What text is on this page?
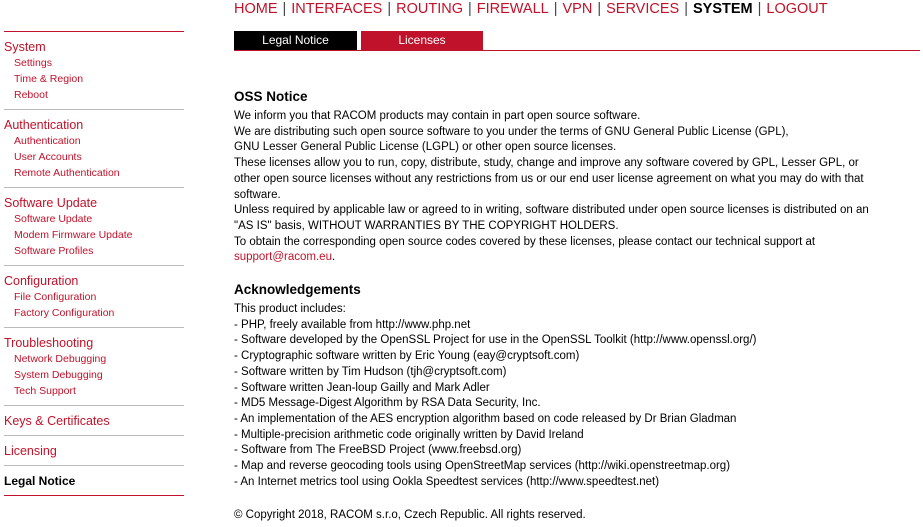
HOME | INTERFACES | ROUTING | FIREWALL | VPN | SERVICES | SYSTEM | LOGOUT
System
Settings
Time & Region
Reboot
Authentication
Authentication
User Accounts
Remote Authentication
Software Update
Software Update
Modem Firmware Update
Software Profiles
Configuration
File Configuration
Factory Configuration
Troubleshooting
Network Debugging
System Debugging
Tech Support
Keys & Certificates
Licensing
Legal Notice
Legal Notice	Licenses
OSS Notice
We inform you that RACOM products may contain in part open source software.
We are distributing such open source software to you under the terms of GNU General Public License (GPL),
GNU Lesser General Public License (LGPL) or other open source licenses.
These licenses allow you to run, copy, distribute, study, change and improve any software covered by GPL, Lesser GPL, or
other open source licenses without any restrictions from us or our end user license agreement on what you may do with that
software.
Unless required by applicable law or agreed to in writing, software distributed under open source licenses is distributed on an
"AS IS" basis, WITHOUT WARRANTIES BY THE COPYRIGHT HOLDERS.
To obtain the corresponding open source codes covered by these licenses, please contact our technical support at
support@racom.eu.
Acknowledgements
This product includes:
- PHP, freely available from http://www.php.net
- Software developed by the OpenSSL Project for use in the OpenSSL Toolkit (http://www.openssl.org/)
- Cryptographic software written by Eric Young (eay@cryptsoft.com)
- Software written by Tim Hudson (tjh@cryptsoft.com)
- Software written Jean-loup Gailly and Mark Adler
- MD5 Message-Digest Algorithm by RSA Data Security, Inc.
- An implementation of the AES encryption algorithm based on code released by Dr Brian Gladman
- Multiple-precision arithmetic code originally written by David Ireland
- Software from The FreeBSD Project (www.freebsd.org)
- Map and reverse geocoding tools using OpenStreetMap services (http://wiki.openstreetmap.org)
- An Internet metrics tool using Ookla Speedtest services (http://www.speedtest.net)
© Copyright 2018, RACOM s.r.o, Czech Republic. All rights reserved.
